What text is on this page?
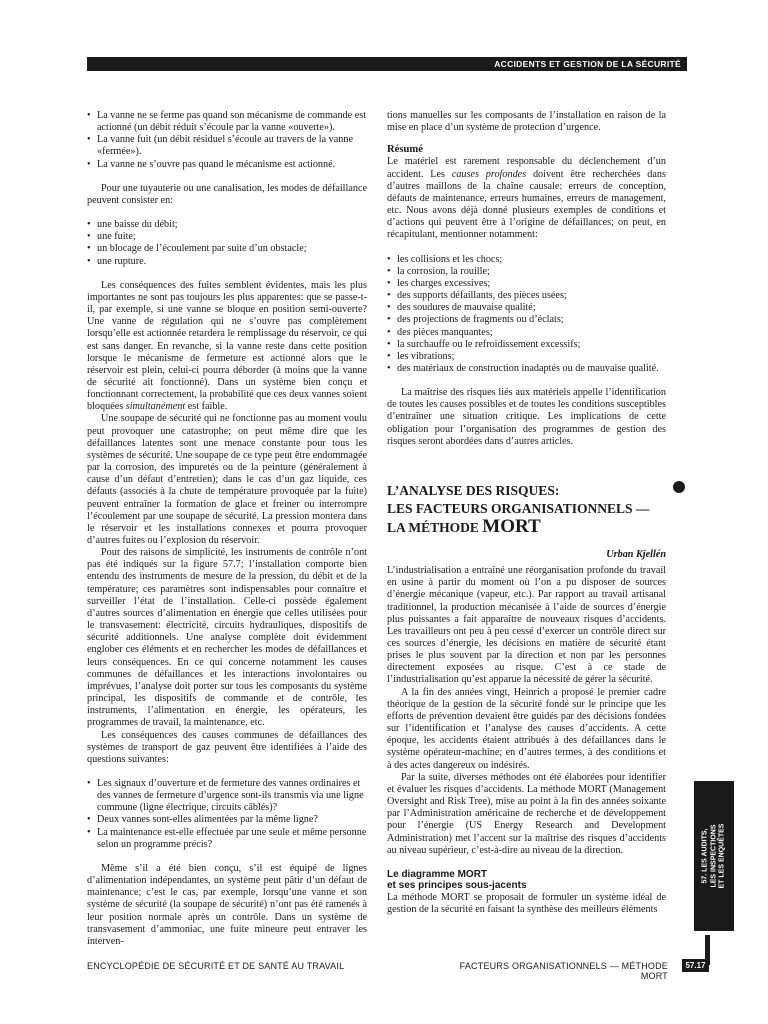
ACCIDENTS ET GESTION DE LA SÉCURITÉ
• La vanne ne se ferme pas quand son mécanisme de commande est actionné (un débit réduit s’écoule par la vanne «ouverte»).
• La vanne fuit (un débit résiduel s’écoule au travers de la vanne «fermée»).
• La vanne ne s’ouvre pas quand le mécanisme est actionné.

Pour une tuyauterie ou une canalisation, les modes de défaillance peuvent consister en:

• une baisse du débit;
• une fuite;
• un blocage de l’écoulement par suite d’un obstacle;
• une rupture.

Les conséquences des fuites semblent évidentes, mais les plus importantes ne sont pas toujours les plus apparentes: que se passe-t-il, par exemple, si une vanne se bloque en position semi-ouverte? Une vanne de régulation qui ne s’ouvre pas complètement lorsqu’elle est actionnée retardera le remplissage du réservoir, ce qui est sans danger. En revanche, si la vanne reste dans cette position lorsque le mécanisme de fermeture est actionné alors que le réservoir est plein, celui-ci pourra déborder (à moins que la vanne de sécurité ait fonctionné). Dans un système bien conçu et fonctionnant correctement, la probabilité que ces deux vannes soient bloquées simultanément est faible.

Une soupape de sécurité qui ne fonctionne pas au moment voulu peut provoquer une catastrophe; on peut même dire que les défaillances latentes sont une menace constante pour tous les systèmes de sécurité. Une soupape de ce type peut être endommagée par la corrosion, des impuretés ou de la peinture (généralement à cause d’un défaut d’entretien); dans le cas d’un gaz liquide, ces défauts (associés à la chute de température provoquée par la fuite) peuvent entraîner la formation de glace et freiner ou interrompre l’écoulement par une soupape de sécurité. La pression montera dans le réservoir et les installations connexes et pourra provoquer d’autres fuites ou l’explosion du réservoir.

Pour des raisons de simplicité, les instruments de contrôle n’ont pas été indiqués sur la figure 57.7; l’installation comporte bien entendu des instruments de mesure de la pression, du débit et de la température; ces paramètres sont indispensables pour connaître et surveiller l’état de l’installation. Celle-ci possède également d’autres sources d’alimentation en énergie que celles utilisées pour le transvasement: électricité, circuits hydrauliques, dispositifs de sécurité additionnels. Une analyse complète doit évidemment englober ces éléments et en rechercher les modes de défaillances et leurs conséquences. En ce qui concerne notamment les causes communes de défaillances et les interactions involontaires ou imprévues, l’analyse doit porter sur tous les composants du système principal, les dispositifs de commande et de contrôle, les instruments, l’alimentation en énergie, les opérateurs, les programmes de travail, la maintenance, etc.

Les conséquences des causes communes de défaillances des systèmes de transport de gaz peuvent être identifiées à l’aide des questions suivantes:

• Les signaux d’ouverture et de fermeture des vannes ordinaires et des vannes de fermeture d’urgence sont-ils transmis via une ligne commune (ligne électrique, circuits câblés)?
• Deux vannes sont-elles alimentées par la même ligne?
• La maintenance est-elle effectuée par une seule et même personne selon un programme précis?

Même s’il a été bien conçu, s’il est équipé de lignes d’alimentation indépendantes, un système peut pâtir d’un défaut de maintenance; c’est le cas, par exemple, lorsqu’une vanne et son système de sécurité (la soupape de sécurité) n’ont pas été ramenés à leur position normale après un contrôle. Dans un système de transvasement d’ammoniac, une fuite mineure peut entraver les interven-

tions manuelles sur les composants de l’installation en raison de la mise en place d’un système de protection d’urgence.

Résumé

Le matériel est rarement responsable du déclenchement d’un accident. Les causes profondes doivent être recherchées dans d’autres maillons de la chaîne causale: erreurs de conception, défauts de maintenance, erreurs humaines, erreurs de management, etc. Nous avons déjà donné plusieurs exemples de conditions et d’actions qui peuvent être à l’origine de défaillances; on peut, en récapitulant, mentionner notamment:

• les collisions et les chocs;
• la corrosion, la rouille;
• les charges excessives;
• des supports défaillants, des pièces usées;
• des soudures de mauvaise qualité;
• des projections de fragments ou d’éclats;
• des pièces manquantes;
• la surchauffe ou le refroidissement excessifs;
• les vibrations;
• des matériaux de construction inadaptés ou de mauvaise qualité.

La maîtrise des risques liés aux matériels appelle l’identification de toutes les causes possibles et de toutes les conditions susceptibles d’entraîner une situation critique. Les implications de cette obligation pour l’organisation des programmes de gestion des risques seront abordées dans d’autres articles.

L’ANALYSE DES RISQUES:
LES FACTEURS ORGANISATIONNELS —
LA MÉTHODE MORT
Urban Kjellén

L’industrialisation a entraîné une réorganisation profonde du travail en usine à partir du moment où l’on a pu disposer de sources d’énergie mécanique (vapeur, etc.). Par rapport au travail artisanal traditionnel, la production mécanisée à l’aide de sources d’énergie plus puissantes a fait apparaître de nouveaux risques d’accidents. Les travailleurs ont peu à peu cessé d’exercer un contrôle direct sur ces sources d’énergie, les décisions en matière de sécurité étant prises le plus souvent par la direction et non par les personnes directement exposées au risque. C’est à ce stade de l’industrialisation qu’est apparue la nécessité de gérer la sécurité.

A la fin des années vingt, Heinrich a proposé le premier cadre théorique de la gestion de la sécurité fondé sur le principe que les efforts de prévention devaient être guidés par des décisions fondées sur l’identification et l’analyse des causes d’accidents. A cette époque, les accidents étaient attribués à des défaillances dans le système opérateur-machine; en d’autres termes, à des conditions et à des actes dangereux ou indésirés.

Par la suite, diverses méthodes ont été élaborées pour identifier et évaluer les risques d’accidents. La méthode MORT (Management Oversight and Risk Tree), mise au point à la fin des années soixante par l’Administration américaine de recherche et de développement pour l’énergie (US Energy Research and Development Administration) met l’accent sur la maîtrise des risques d’accidents au niveau supérieur, c’est-à-dire au niveau de la direction.

Le diagramme MORT
et ses principes sous-jacents

La méthode MORT se proposait de formuler un système idéal de gestion de la sécurité en faisant la synthèse des meilleurs éléments

57. LES AUDITS, LES INSPECTIONS ET LES ENQUÊTES
ENCYCLOPÉDIE DE SÉCURITÉ ET DE SANTÉ AU TRAVAIL	FACTEURS ORGANISATIONNELS — MÉTHODE MORT
57.17
